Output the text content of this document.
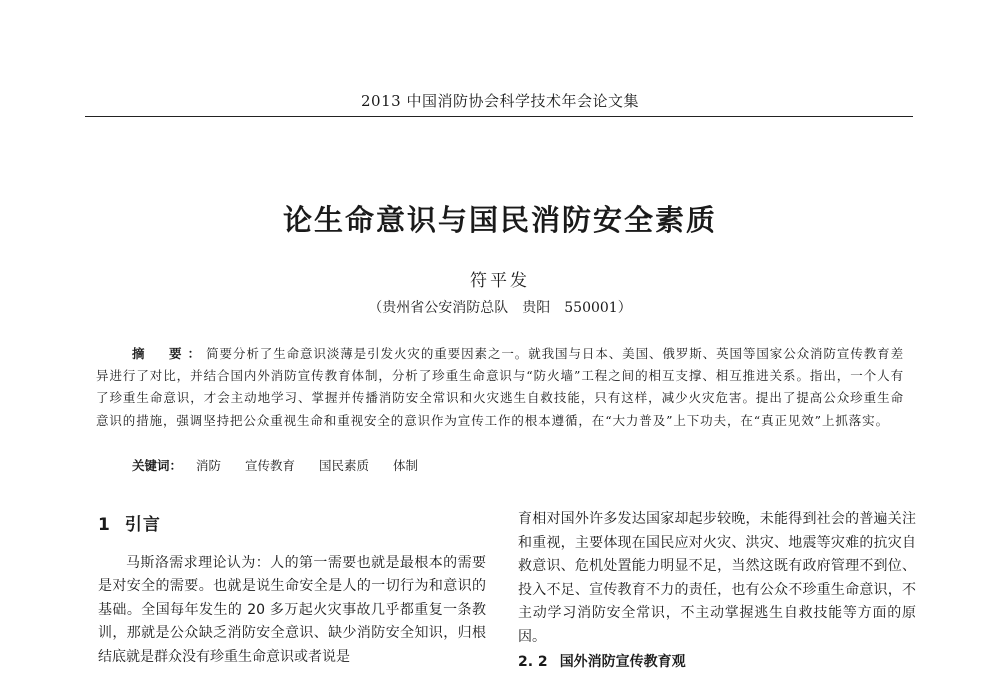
2013 中国消防协会科学技术年会论文集
论生命意识与国民消防安全素质
符平发
（贵州省公安消防总队　贵阳　550001）
摘　要：简要分析了生命意识淡薄是引发火灾的重要因素之一。就我国与日本、美国、俄罗斯、英国等国家公众消防宣传教育差异进行了对比，并结合国内外消防宣传教育体制，分析了珍重生命意识与“防火墙”工程之间的相互支撑、相互推进关系。指出，一个人有了珍重生命意识，才会主动地学习、掌握并传播消防安全常识和火灾逃生自救技能，只有这样，减少火灾危害。提出了提高公众珍重生命意识的措施，强调坚持把公众重视生命和重视安全的意识作为宣传工作的根本遵循，在“大力普及”上下功夫，在“真正见效”上抓落实。
关键词： 消防 宣传教育 国民素质 体制
1 引言

马斯洛需求理论认为：人的第一需要也就是最根本的需要是对安全的需要。也就是说生命安全是人的一切行为和意识的基础。全国每年发生的 20 多万起火灾事故几乎都重复一条教训，那就是公众缺乏消防安全意识、缺少消防安全知识，归根结底就是群众没有珍重生命意识或者说是

育相对国外许多发达国家却起步较晚，未能得到社会的普遍关注和重视，主要体现在国民应对火灾、洪灾、地震等灾难的抗灾自救意识、危机处置能力明显不足，当然这既有政府管理不到位、投入不足、宣传教育不力的责任，也有公众不珍重生命意识，不主动学习消防安全常识，不主动掌握逃生自救技能等方面的原因。

2. 2 国外消防宣传教育观
